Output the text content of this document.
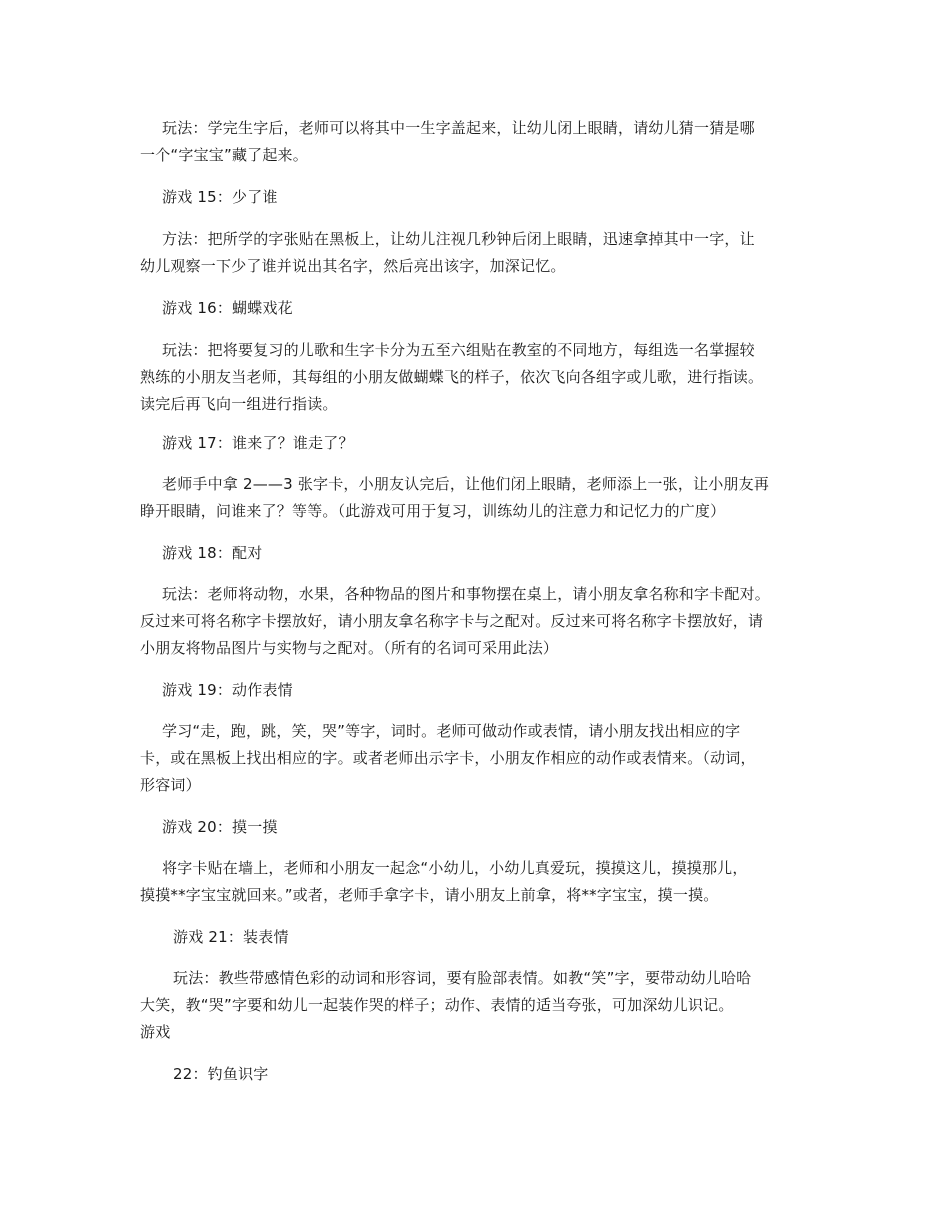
玩法：学完生字后，老师可以将其中一生字盖起来，让幼儿闭上眼睛，请幼儿猜一猜是哪
一个“字宝宝”藏了起来。
游戏 15：少了谁
方法：把所学的字张贴在黑板上，让幼儿注视几秒钟后闭上眼睛，迅速拿掉其中一字，让
幼儿观察一下少了谁并说出其名字，然后亮出该字，加深记忆。
游戏 16：蝴蝶戏花
玩法：把将要复习的儿歌和生字卡分为五至六组贴在教室的不同地方，每组选一名掌握较
熟练的小朋友当老师，其每组的小朋友做蝴蝶飞的样子，依次飞向各组字或儿歌，进行指读。
读完后再飞向一组进行指读。
游戏 17：谁来了？谁走了？
老师手中拿 2——3 张字卡，小朋友认完后，让他们闭上眼睛，老师添上一张，让小朋友再
睁开眼睛，问谁来了？等等。（此游戏可用于复习，训练幼儿的注意力和记忆力的广度）
游戏 18：配对
玩法：老师将动物，水果，各种物品的图片和事物摆在桌上，请小朋友拿名称和字卡配对。
反过来可将名称字卡摆放好，请小朋友拿名称字卡与之配对。反过来可将名称字卡摆放好，请
小朋友将物品图片与实物与之配对。（所有的名词可采用此法）
游戏 19：动作表情
学习“走，跑，跳，笑，哭”等字，词时。老师可做动作或表情，请小朋友找出相应的字
卡，或在黑板上找出相应的字。或者老师出示字卡，小朋友作相应的动作或表情来。（动词，
形容词）
游戏 20：摸一摸
将字卡贴在墙上，老师和小朋友一起念“小幼儿，小幼儿真爱玩，摸摸这儿，摸摸那儿，
摸摸**字宝宝就回来。”或者，老师手拿字卡，请小朋友上前拿，将**字宝宝，摸一摸。
游戏 21：装表情
玩法：教些带感情色彩的动词和形容词，要有脸部表情。如教“笑”字，要带动幼儿哈哈
大笑，教“哭”字要和幼儿一起装作哭的样子；动作、表情的适当夸张，可加深幼儿识记。
游戏
22：钓鱼识字
